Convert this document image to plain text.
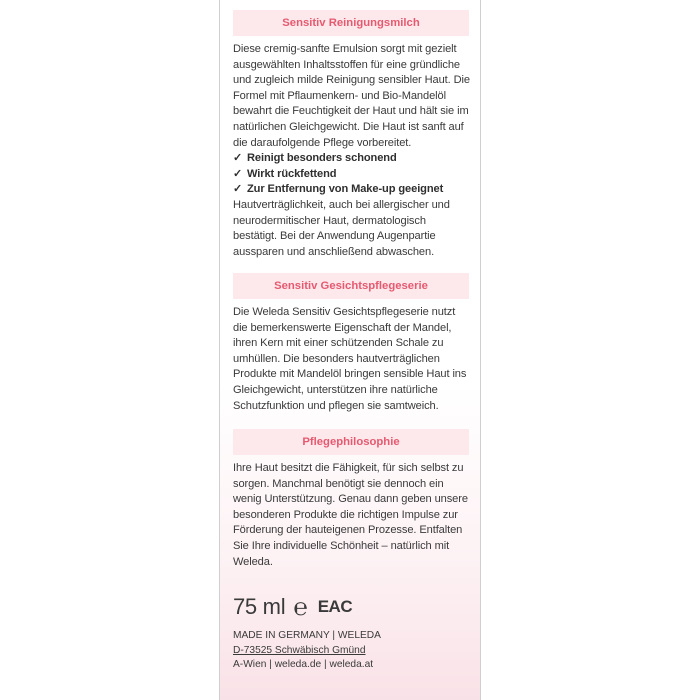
Sensitiv Reinigungsmilch

Diese cremig-sanfte Emulsion sorgt mit gezielt ausgewählten Inhaltsstoffen für eine gründliche und zugleich milde Reinigung sensibler Haut. Die Formel mit Pflaumenkern- und Bio-Mandelöl bewahrt die Feuchtigkeit der Haut und hält sie im natürlichen Gleichgewicht. Die Haut ist sanft auf die daraufolgende Pflege vorbereitet.

✓ Reinigt besonders schonend
✓ Wirkt rückfettend
✓ Zur Entfernung von Make-up geeignet

Hautverträglichkeit, auch bei allergischer und neurodermitischer Haut, dermatologisch bestätigt. Bei der Anwendung Augenpartie aussparen und anschließend abwaschen.

Sensitiv Gesichtspflegeserie

Die Weleda Sensitiv Gesichtspflegeserie nutzt die bemerkenswerte Eigenschaft der Mandel, ihren Kern mit einer schützenden Schale zu umhüllen. Die besonders hautverträglichen Produkte mit Mandelöl bringen sensible Haut ins Gleichgewicht, unterstützen ihre natürliche Schutzfunktion und pflegen sie samtweich.

Pflegephilosophie

Ihre Haut besitzt die Fähigkeit, für sich selbst zu sorgen. Manchmal benötigt sie dennoch ein wenig Unterstützung. Genau dann geben unsere besonderen Produkte die richtigen Impulse zur Förderung der hauteigenen Prozesse. Entfalten Sie Ihre individuelle Schönheit – natürlich mit Weleda.

75 ml ℮ EAC
MADE IN GERMANY | WELEDA
D-73525 Schwäbisch Gmünd
A-Wien | weleda.de | weleda.at
